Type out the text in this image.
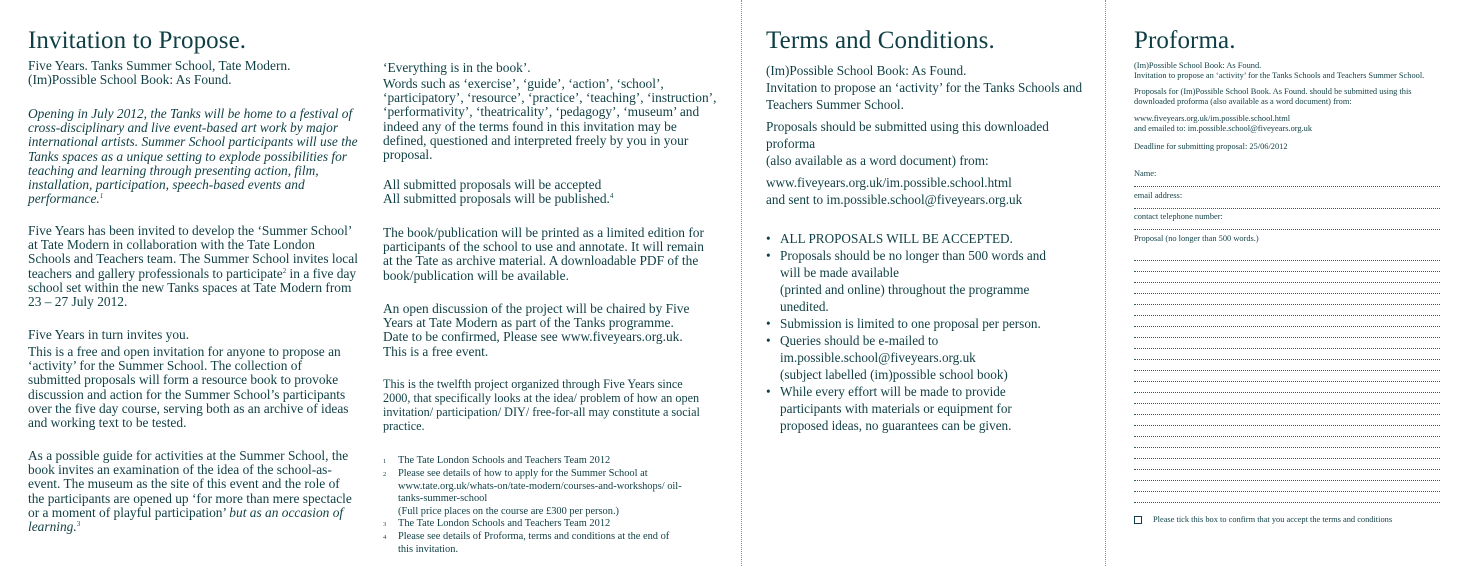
Invitation to Propose.

Five Years. Tanks Summer School, Tate Modern.

(Im)Possible School Book: As Found.

Opening in July 2012, the Tanks will be home to a festival of cross-disciplinary and live event-based art work by major international artists. Summer School participants will use the Tanks spaces as a unique setting to explode possibilities for teaching and learning through presenting action, film, installation, participation, speech-based events and performance.$^1$

Five Years has been invited to develop the ‘Summer School’ at Tate Modern in collaboration with the Tate London Schools and Teachers team. The Summer School invites local teachers and gallery professionals to participate$^2$ in a five day school set within the new Tanks spaces at Tate Modern from 23 – 27 July 2012.

Five Years in turn invites you.

This is a free and open invitation for anyone to propose an ‘activity’ for the Summer School. The collection of submitted proposals will form a resource book to provoke discussion and action for the Summer School’s participants over the five day course, serving both as an archive of ideas and working text to be tested.

As a possible guide for activities at the Summer School, the book invites an examination of the idea of the school-as-event. The museum as the site of this event and the role of the participants are opened up ‘for more than mere spectacle or a moment of playful participation’ but as an occasion of learning.$^3$

‘Everything is in the book’.

Words such as ‘exercise’, ‘guide’, ‘action’, ‘school’, ‘participatory’, ‘resource’, ‘practice’, ‘teaching’, ‘instruction’, ‘performativity’, ‘theatricality’, ‘pedagogy’, ‘museum’ and indeed any of the terms found in this invitation may be defined, questioned and interpreted freely by you in your proposal.

All submitted proposals will be accepted

All submitted proposals will be published.$^4$

The book/publication will be printed as a limited edition for participants of the school to use and annotate. It will remain at the Tate as archive material. A downloadable PDF of the book/publication will be available.

An open discussion of the project will be chaired by Five Years at Tate Modern as part of the Tanks programme. Date to be confirmed, Please see www.fiveyears.org.uk. This is a free event.

This is the twelfth project organized through Five Years since 2000, that specifically looks at the idea/ problem of how an open invitation/ participation/ DIY/ free-for-all may constitute a social practice.

1	The Tate London Schools and Teachers Team 2012
2	Please see details of how to apply for the Summer School at www.tate.org.uk/whats-on/tate-modern/courses-and-workshops/ oil-tanks-summer-school
(Full price places on the course are £300 per person.)
3	The Tate London Schools and Teachers Team 2012
4	Please see details of Proforma, terms and conditions at the end of this invitation.
Terms and Conditions.

(Im)Possible School Book: As Found.

Invitation to propose an ‘activity’ for the Tanks Schools and Teachers Summer School.

Proposals should be submitted using this downloaded proforma

(also available as a word document) from:

www.fiveyears.org.uk/im.possible.school.html

and sent to im.possible.school@fiveyears.org.uk

• ALL PROPOSALS WILL BE ACCEPTED.
• Proposals should be no longer than 500 words and will be made available
(printed and online) throughout the programme unedited.
• Submission is limited to one proposal per person.
• Queries should be e-mailed to
im.possible.school@fiveyears.org.uk
(subject labelled (im)possible school book)
• While every effort will be made to provide participants with materials or equipment for proposed ideas, no guarantees can be given.
Proforma.

(Im)Possible School Book: As Found.

Invitation to propose an ‘activity’ for the Tanks Schools and Teachers Summer School.

Proposals for (Im)Possible School Book. As Found. should be submitted using this downloaded proforma (also available as a word document) from:

www.fiveyears.org.uk/im.possible.school.html

and emailed to: im.possible.school@fiveyears.org.uk

Deadline for submitting proposal: 25/06/2012

Name:
email address:
contact telephone number:
Proposal (no longer than 500 words.)
Please tick this box to confirm that you accept the terms and conditions
